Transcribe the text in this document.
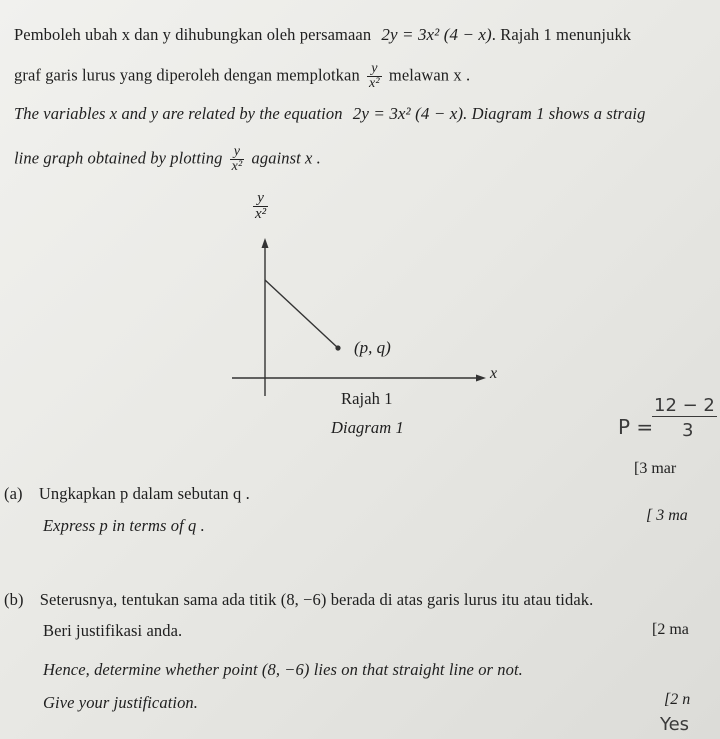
Pemboleh ubah x dan y dihubungkan oleh persamaan 2y = 3x² (4 − x). Rajah 1 menunjukk
graf garis lurus yang diperoleh dengan memplotkan $\frac{y}{\text{x²}}$ melawan x .
The variables x and y are related by the equation 2y = 3x² (4 − x). Diagram 1 shows a straig
line graph obtained by plotting $\frac{y}{\text{x²}}$ against x .
$\frac{y}{\text{x²}}$
x
(p, q)
Rajah 1
Diagram 1	P =
12 − 2
3
[3 mar
(a) Ungkapkan p dalam sebutan q .
[ 3 ma
Express p in terms of q .
(b) Seterusnya, tentukan sama ada titik (8, −6) berada di atas garis lurus itu atau tidak.
Beri justifikasi anda.	[2 ma
Hence, determine whether point (8, −6) lies on that straight line or not.
Give your justification.	[2 n
Yes
